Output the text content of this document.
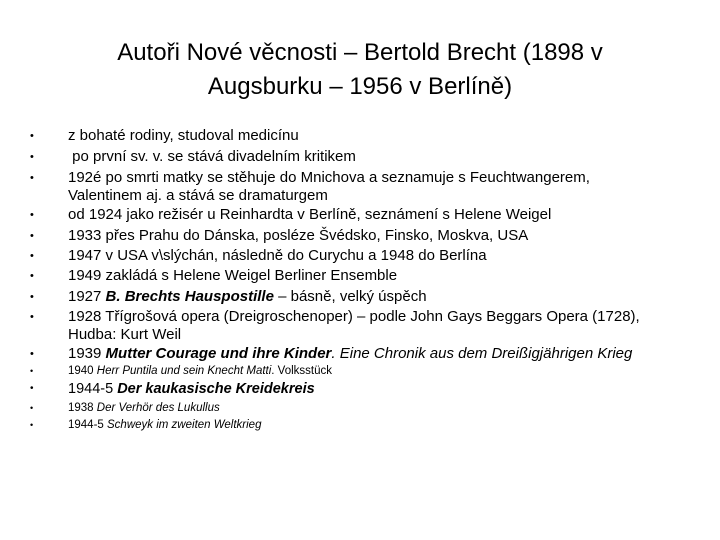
Autoři Nové věcnosti – Bertold Brecht (1898 v
Augsburku – 1956 v Berlíně)
•	z bohaté rodiny, studoval medicínu
•	po první sv. v. se stává divadelním kritikem
•	192é po smrti matky se stěhuje do Mnichova a seznamuje s Feuchtwangerem,
Valentinem aj. a stává se dramaturgem
•	od 1924 jako režisér u Reinhardta v Berlíně, seznámení s Helene Weigel
•	1933 přes Prahu do Dánska, posléze Švédsko, Finsko, Moskva, USA
•	1947 v USA v\slýchán, následně do Curychu a 1948 do Berlína
•	1949 zakládá s Helene Weigel Berliner Ensemble
•	1927 B. Brechts Hauspostille – básně, velký úspěch
•	1928 Třígrošová opera (Dreigroschenoper) – podle John Gays Beggars Opera (1728),
Hudba: Kurt Weil
•	1939 Mutter Courage und ihre Kinder. Eine Chronik aus dem Dreißigjährigen Krieg
•	1940 Herr Puntila und sein Knecht Matti. Volksstück
•	1944-5 Der kaukasische Kreidekreis
•	1938 Der Verhör des Lukullus
•	1944-5 Schweyk im zweiten Weltkrieg
